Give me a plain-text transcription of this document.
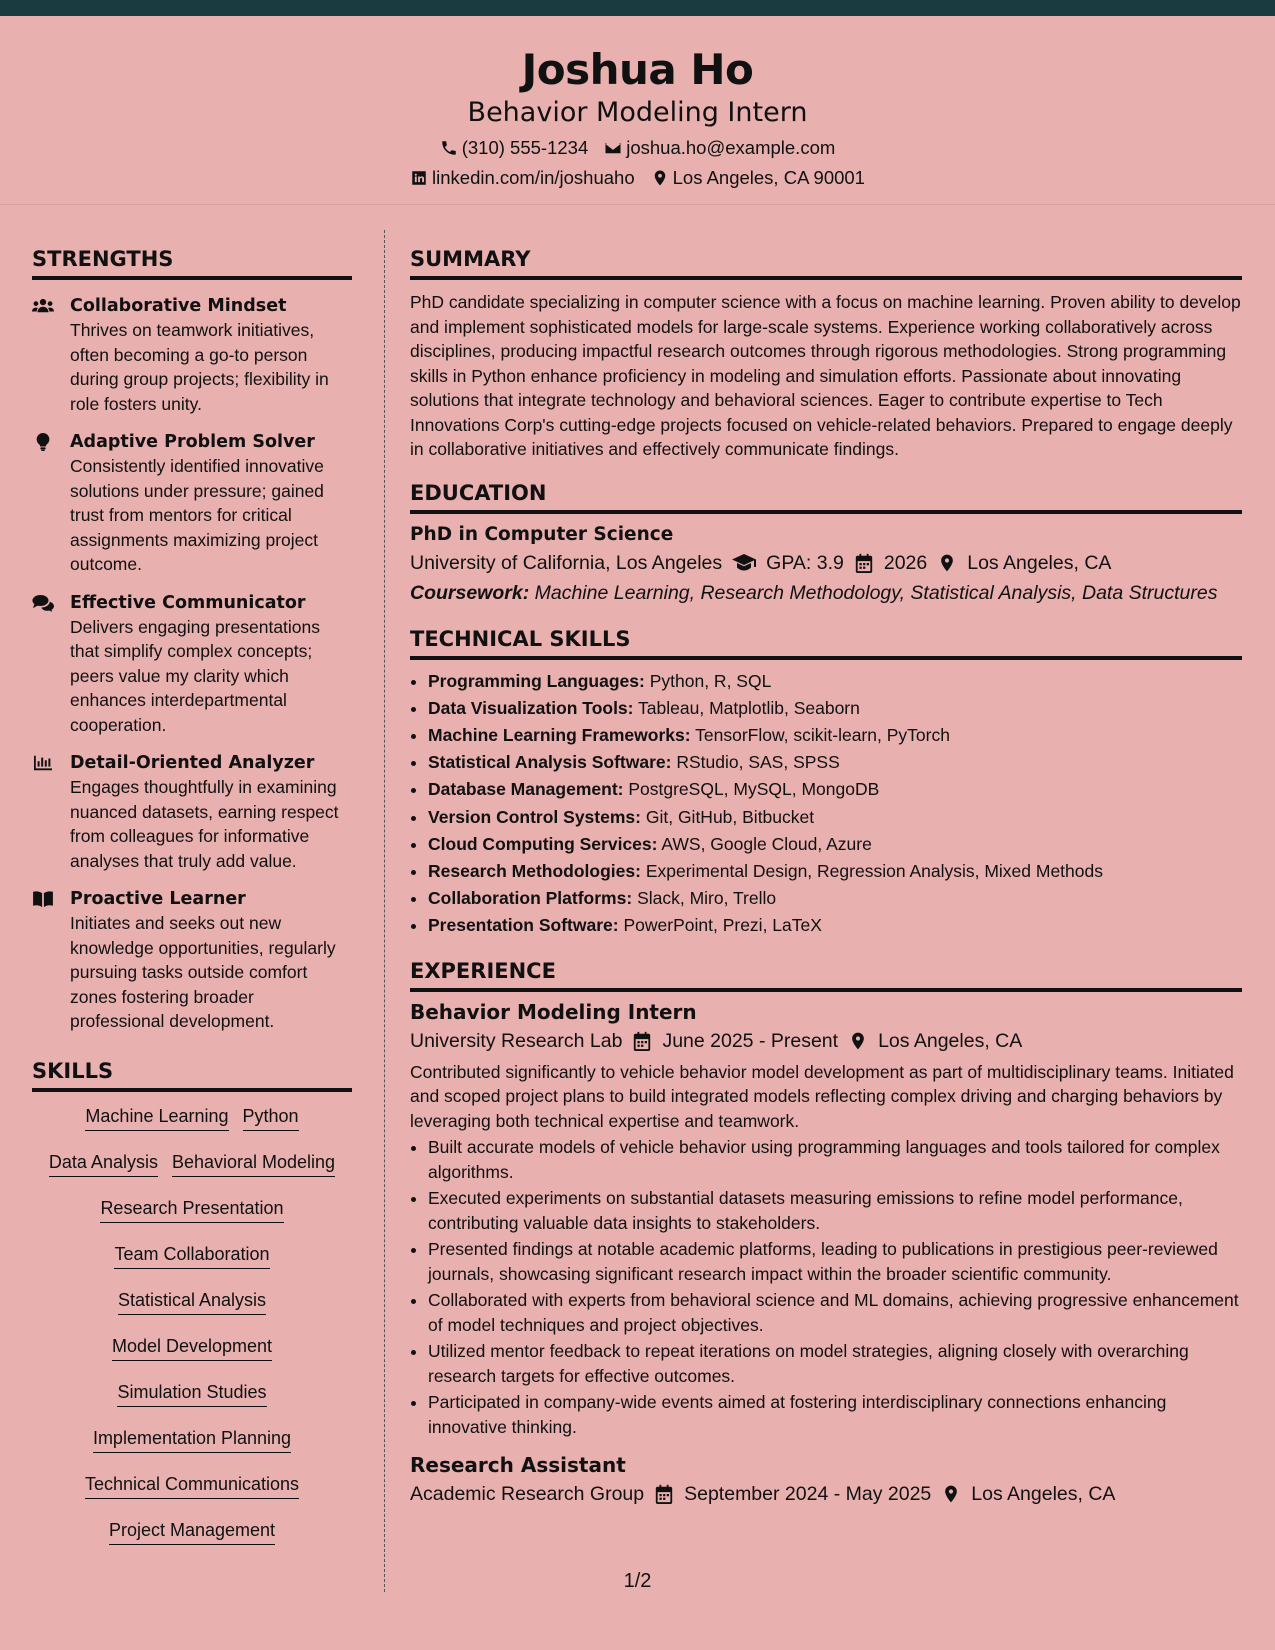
Joshua Ho
Behavior Modeling Intern
(310) 555-1234 joshua.ho@example.com
linkedin.com/in/joshuaho Los Angeles, CA 90001
STRENGTHS
Collaborative Mindset
Thrives on teamwork initiatives, often becoming a go-to person during group projects; flexibility in role fosters unity.
Adaptive Problem Solver
Consistently identified innovative solutions under pressure; gained trust from mentors for critical assignments maximizing project outcome.
Effective Communicator
Delivers engaging presentations that simplify complex concepts; peers value my clarity which enhances interdepartmental cooperation.
Detail-Oriented Analyzer
Engages thoughtfully in examining nuanced datasets, earning respect from colleagues for informative analyses that truly add value.
Proactive Learner
Initiates and seeks out new knowledge opportunities, regularly pursuing tasks outside comfort zones fostering broader professional development.
SKILLS
Machine Learning Python
Data Analysis Behavioral Modeling
Research Presentation
Team Collaboration
Statistical Analysis
Model Development
Simulation Studies
Implementation Planning
Technical Communications
Project Management
SUMMARY
PhD candidate specializing in computer science with a focus on machine learning. Proven ability to develop and implement sophisticated models for large-scale systems. Experience working collaboratively across disciplines, producing impactful research outcomes through rigorous methodologies. Strong programming skills in Python enhance proficiency in modeling and simulation efforts. Passionate about innovating solutions that integrate technology and behavioral sciences. Eager to contribute expertise to Tech Innovations Corp's cutting-edge projects focused on vehicle-related behaviors. Prepared to engage deeply in collaborative initiatives and effectively communicate findings.
EDUCATION
PhD in Computer Science
University of California, Los Angeles GPA: 3.9 2026 Los Angeles, CA
Coursework: Machine Learning, Research Methodology, Statistical Analysis, Data Structures
TECHNICAL SKILLS
• Programming Languages: Python, R, SQL
• Data Visualization Tools: Tableau, Matplotlib, Seaborn
• Machine Learning Frameworks: TensorFlow, scikit-learn, PyTorch
• Statistical Analysis Software: RStudio, SAS, SPSS
• Database Management: PostgreSQL, MySQL, MongoDB
• Version Control Systems: Git, GitHub, Bitbucket
• Cloud Computing Services: AWS, Google Cloud, Azure
• Research Methodologies: Experimental Design, Regression Analysis, Mixed Methods
• Collaboration Platforms: Slack, Miro, Trello
• Presentation Software: PowerPoint, Prezi, LaTeX
EXPERIENCE
Behavior Modeling Intern
University Research Lab June 2025 - Present Los Angeles, CA
Contributed significantly to vehicle behavior model development as part of multidisciplinary teams. Initiated and scoped project plans to build integrated models reflecting complex driving and charging behaviors by leveraging both technical expertise and teamwork.
• Built accurate models of vehicle behavior using programming languages and tools tailored for complex algorithms.
• Executed experiments on substantial datasets measuring emissions to refine model performance, contributing valuable data insights to stakeholders.
• Presented findings at notable academic platforms, leading to publications in prestigious peer-reviewed journals, showcasing significant research impact within the broader scientific community.
• Collaborated with experts from behavioral science and ML domains, achieving progressive enhancement of model techniques and project objectives.
• Utilized mentor feedback to repeat iterations on model strategies, aligning closely with overarching research targets for effective outcomes.
• Participated in company-wide events aimed at fostering interdisciplinary connections enhancing innovative thinking.
Research Assistant
Academic Research Group September 2024 - May 2025 Los Angeles, CA
1/2
